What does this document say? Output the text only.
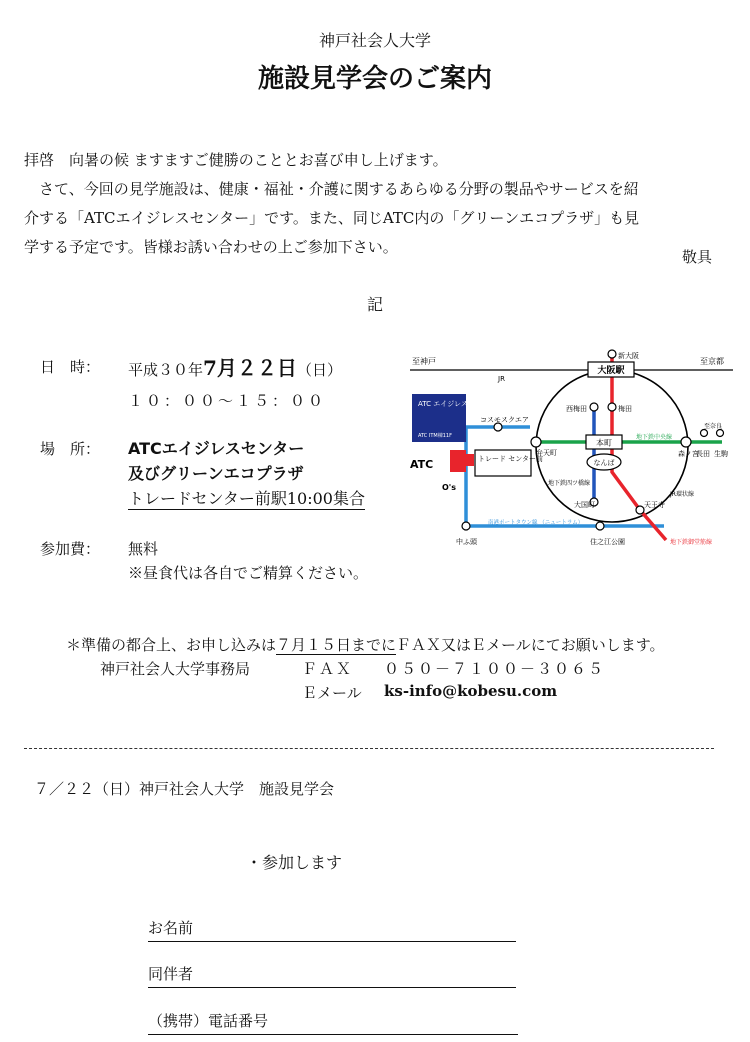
神戸社会人大学
施設見学会のご案内
拝啓　向暑の候 ますますご健勝のこととお喜び申し上げます。
　さて、今回の見学施設は、健康・福祉・介護に関するあらゆる分野の製品やサービスを紹
介する「ATCエイジレスセンター」です。また、同じATC内の「グリーンエコプラザ」も見
学する予定です。皆様お誘い合わせの上ご参加下さい。
敬具
記
日　時： 平成３０年7月２２日（日）
１０：００～１５：００
場　所： ATCエイジレスセンター
及びグリーンエコプラザ
トレードセンター前駅10:00集合
参加費： 無料
※昼食代は各自でご精算ください。
至神戸
JR
至京都
大阪駅
新大阪
西梅田	梅田
本町
なんば
ATC エイジレス センター
ATC ITM棟11F
ATC
O's
トレード センター前
コスモスクエア
弁天町
地下鉄中央線
森ノ宮
至奈良
長田 生駒
地下鉄四ツ橋線
JR環状線
大国町	天王寺
南港ポートタウン線 （ニュートラム）
地下鉄御堂筋線
中ふ頭	住之江公園
＊準備の都合上、お申し込みは７月１５日までにＦＡＸ又はＥメールにてお願いします。
神戸社会人大学事務局	ＦＡＸ ０５０－７１００－３０６５
Ｅメール ks-info@kobesu.com
７／２２（日）神戸社会人大学　施設見学会
・参加します
お名前
同伴者
（携帯）電話番号
